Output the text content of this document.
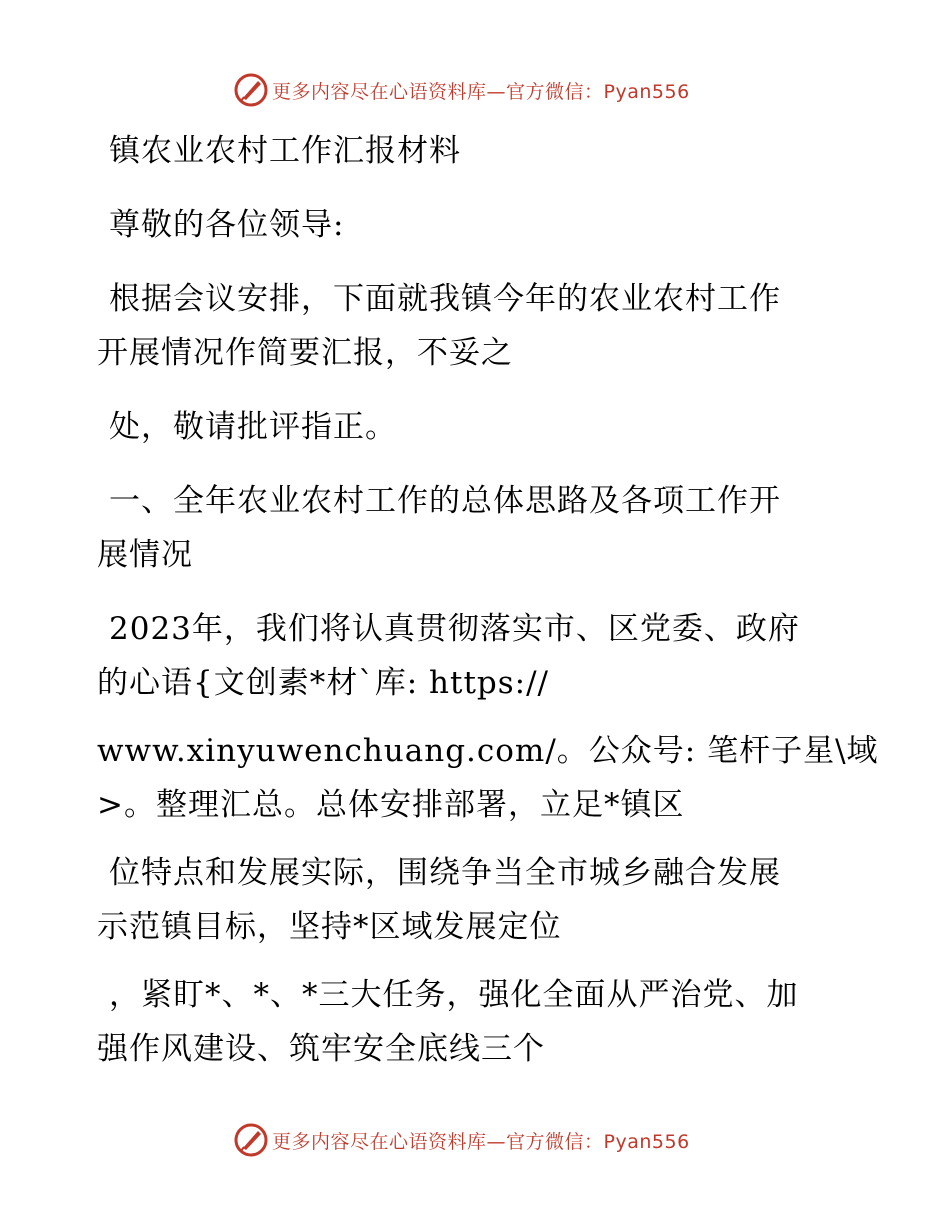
更多内容尽在心语资料库—官方微信：Pyan556
镇农业农村工作汇报材料
尊敬的各位领导:
根据会议安排，下面就我镇今年的农业农村工作
开展情况作简要汇报，不妥之
处，敬请批评指正。
一、全年农业农村工作的总体思路及各项工作开
展情况
2023年，我们将认真贯彻落实市、区党委、政府
的心语{文创素*材`库: https://
www.xinyuwenchuang.com/。公众号: 笔杆子星\域
>。整理汇总。总体安排部署，立足*镇区
位特点和发展实际，围绕争当全市城乡融合发展
示范镇目标，坚持*区域发展定位
，紧盯*、*、*三大任务，强化全面从严治党、加
强作风建设、筑牢安全底线三个
更多内容尽在心语资料库—官方微信：Pyan556
